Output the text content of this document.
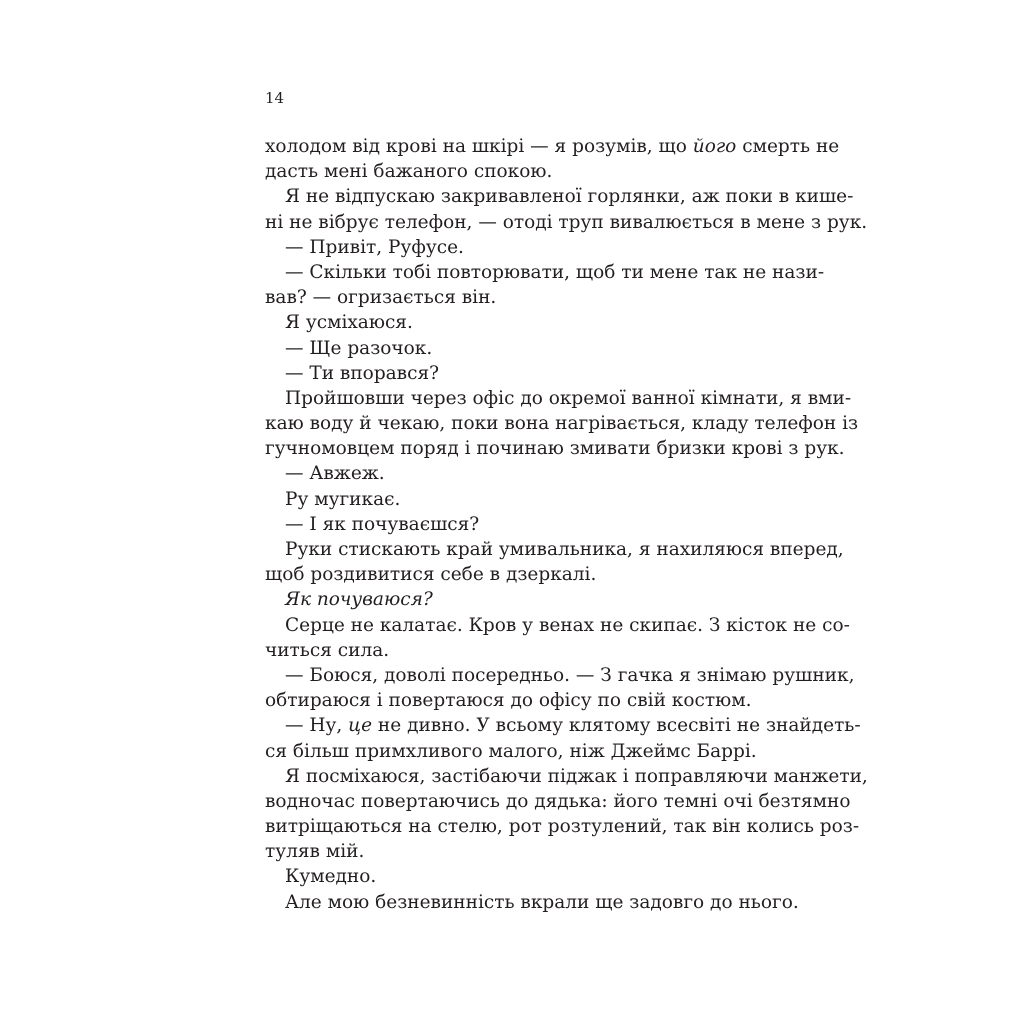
14
холодом від крові на шкірі — я розумів, що його смерть не
дасть мені бажаного спокою.
Я не відпускаю закривавленої горлянки, аж поки в кише-
ні не вібрує телефон, — отоді труп вивалюється в мене з рук.
— Привіт, Руфусе.
— Скільки тобі повторювати, щоб ти мене так не нази-
вав? — огризається він.
Я усміхаюся.
— Ще разочок.
— Ти впорався?
Пройшовши через офіс до окремої ванної кімнати, я вми-
каю воду й чекаю, поки вона нагрівається, кладу телефон із
гучномовцем поряд і починаю змивати бризки крові з рук.
— Авжеж.
Ру мугикає.
— І як почуваєшся?
Руки стискають край умивальника, я нахиляюся вперед,
щоб роздивитися себе в дзеркалі.
Як почуваюся?
Серце не калатає. Кров у венах не скипає. З кісток не со-
читься сила.
— Боюся, доволі посередньо. — З гачка я знімаю рушник,
обтираюся і повертаюся до офісу по свій костюм.
— Ну, це не дивно. У всьому клятому всесвіті не знайдеть-
ся більш примхливого малого, ніж Джеймс Баррі.
Я посміхаюся, застібаючи піджак і поправляючи манжети,
водночас повертаючись до дядька: його темні очі безтямно
витріщаються на стелю, рот розтулений, так він колись роз-
туляв мій.
Кумедно.
Але мою безневинність вкрали ще задовго до нього.
